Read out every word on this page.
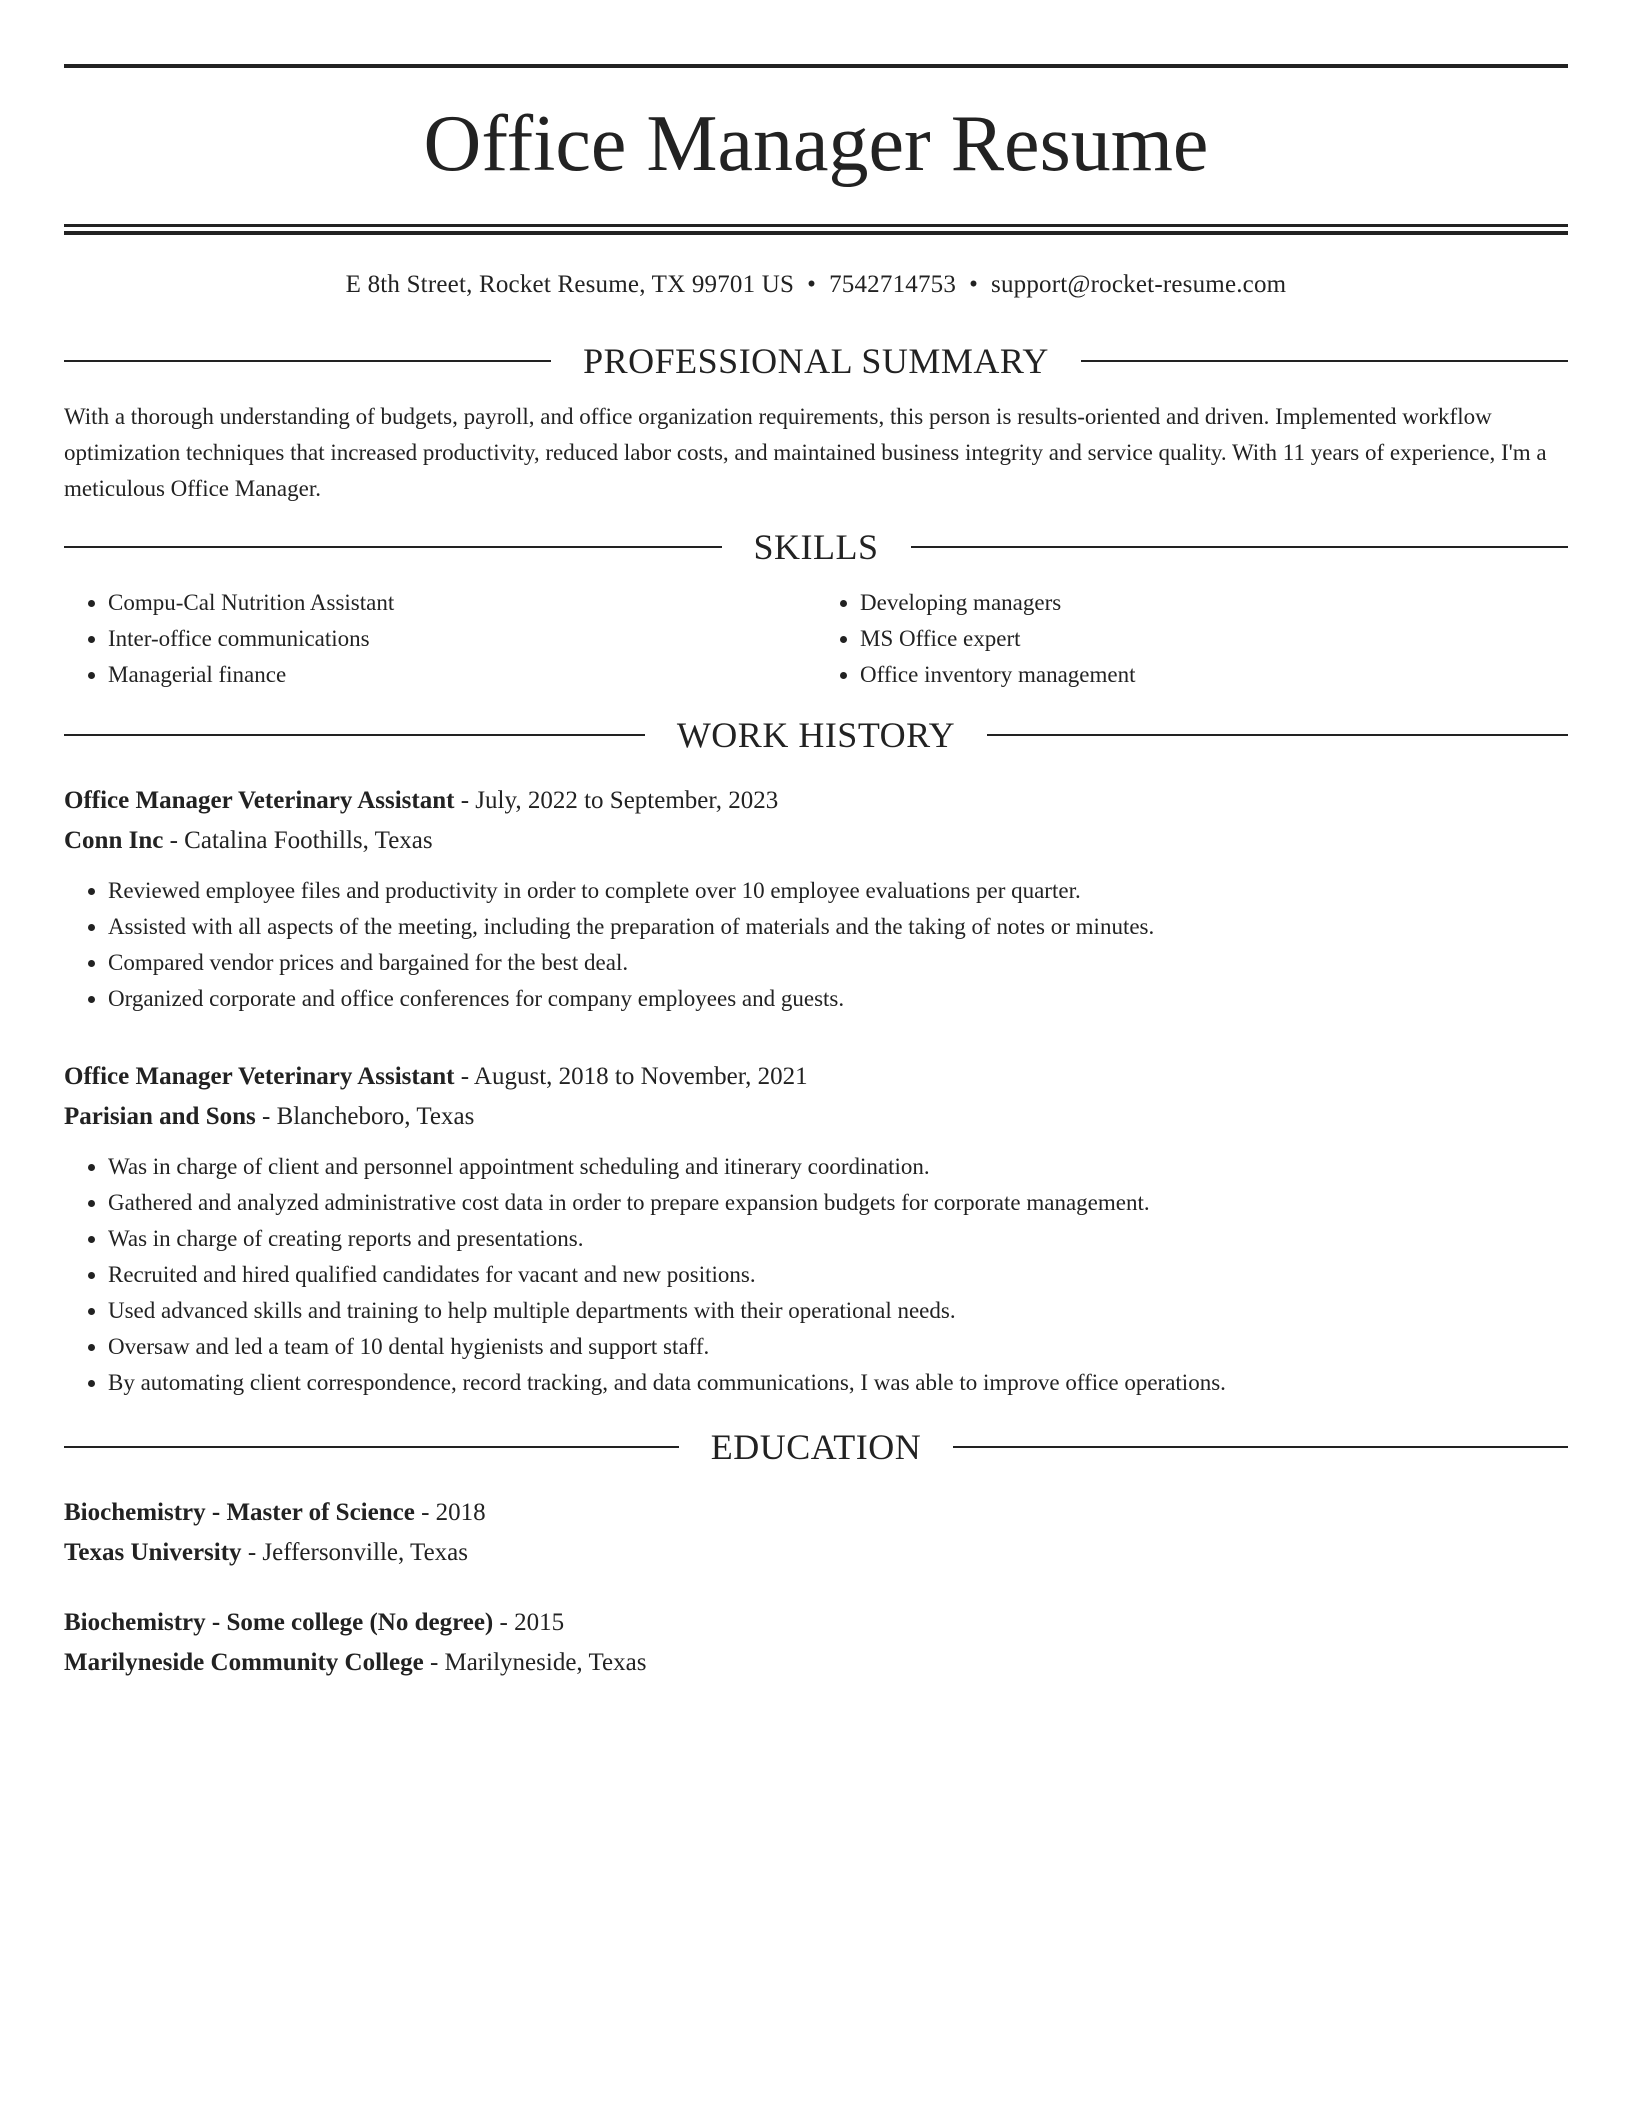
Office Manager Resume
E 8th Street, Rocket Resume, TX 99701 US • 7542714753 • support@rocket-resume.com
PROFESSIONAL SUMMARY
With a thorough understanding of budgets, payroll, and office organization requirements, this person is results-oriented and driven. Implemented workflow optimization techniques that increased productivity, reduced labor costs, and maintained business integrity and service quality. With 11 years of experience, I'm a meticulous Office Manager.
SKILLS
• Compu-Cal Nutrition Assistant
• Inter-office communications
• Managerial finance
• Developing managers
• MS Office expert
• Office inventory management
WORK HISTORY
Office Manager Veterinary Assistant - July, 2022 to September, 2023
Conn Inc - Catalina Foothills, Texas
• Reviewed employee files and productivity in order to complete over 10 employee evaluations per quarter.
• Assisted with all aspects of the meeting, including the preparation of materials and the taking of notes or minutes.
• Compared vendor prices and bargained for the best deal.
• Organized corporate and office conferences for company employees and guests.
Office Manager Veterinary Assistant - August, 2018 to November, 2021
Parisian and Sons - Blancheboro, Texas
• Was in charge of client and personnel appointment scheduling and itinerary coordination.
• Gathered and analyzed administrative cost data in order to prepare expansion budgets for corporate management.
• Was in charge of creating reports and presentations.
• Recruited and hired qualified candidates for vacant and new positions.
• Used advanced skills and training to help multiple departments with their operational needs.
• Oversaw and led a team of 10 dental hygienists and support staff.
• By automating client correspondence, record tracking, and data communications, I was able to improve office operations.
EDUCATION
Biochemistry - Master of Science - 2018
Texas University - Jeffersonville, Texas
Biochemistry - Some college (No degree) - 2015
Marilyneside Community College - Marilyneside, Texas
